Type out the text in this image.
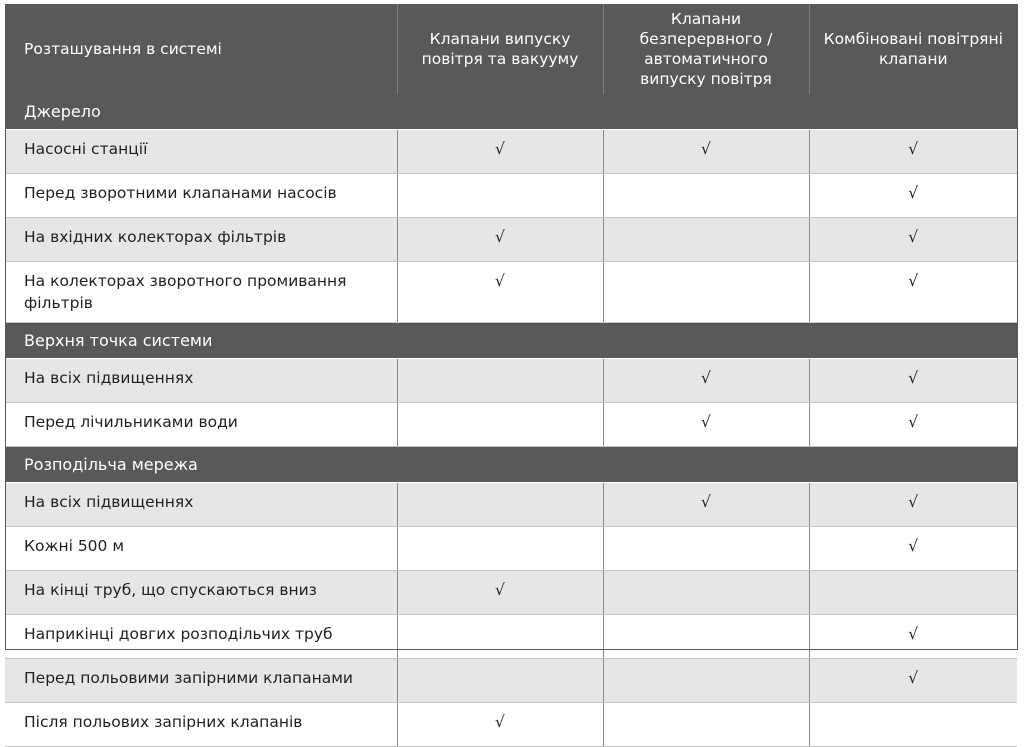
Розташування в системі	Клапани випуску повітря та вакууму	Клапани безперервного / автоматичного випуску повітря	Комбіновані повітряні клапани
Джерело			
Насосні станції	√	√	√
Перед зворотними клапанами насосів			√
На вхідних колекторах фільтрів	√		√
На колекторах зворотного промивання фільтрів	√		√
Верхня точка системи			
На всіх підвищеннях		√	√
Перед лічильниками води		√	√
Розподільча мережа			
На всіх підвищеннях		√	√
Кожні 500 м			√
На кінці труб, що спускаються вниз	√		
Наприкінці довгих розподільчих труб			√
Перед польовими запірними клапанами			√
Після польових запірних клапанів	√		
